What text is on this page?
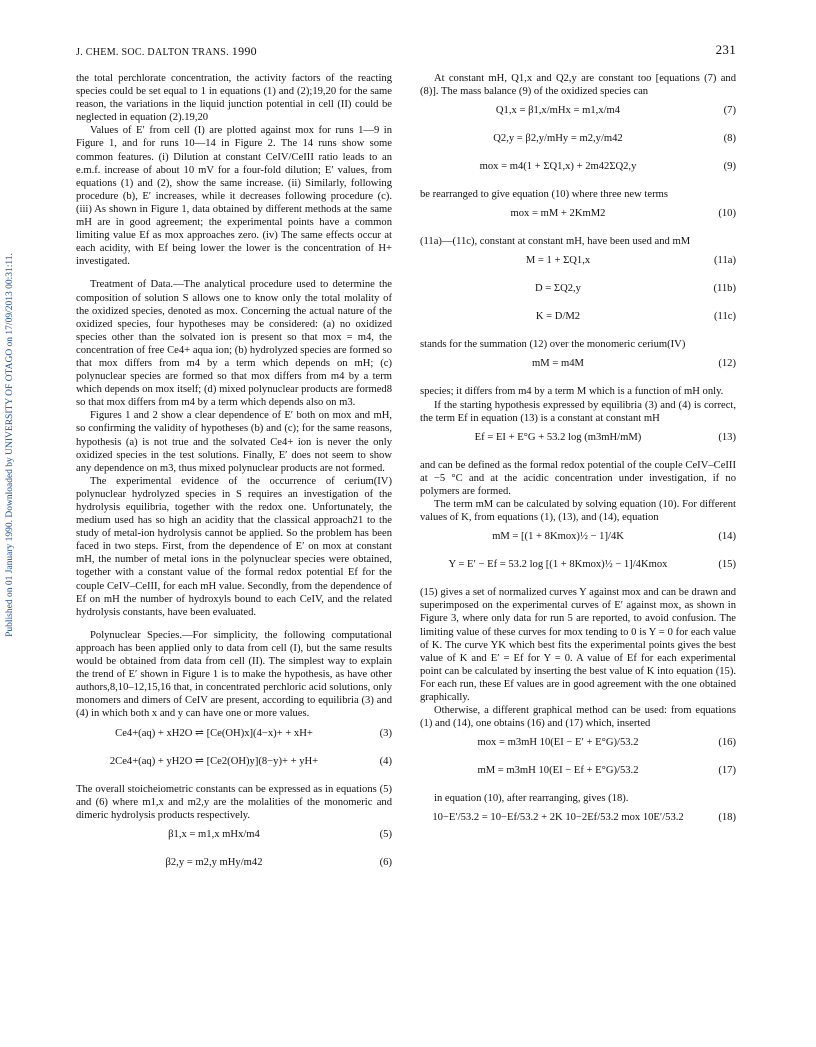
Published on 01 January 1990. Downloaded by UNIVERSITY OF OTAGO on 17/09/2013 00:31:11.
J. CHEM. SOC. DALTON TRANS. 1990	231

the total perchlorate concentration, the activity factors of the reacting species could be set equal to 1 in equations (1) and (2);19,20 for the same reason, the variations in the liquid junction potential in cell (II) could be neglected in equation (2).19,20

Values of E′ from cell (I) are plotted against mox for runs 1—9 in Figure 1, and for runs 10—14 in Figure 2. The 14 runs show some common features. (i) Dilution at constant CeIV/CeIII ratio leads to an e.m.f. increase of about 10 mV for a four-fold dilution; E′ values, from equations (1) and (2), show the same increase. (ii) Similarly, following procedure (b), E′ increases, while it decreases following procedure (c). (iii) As shown in Figure 1, data obtained by different methods at the same mH are in good agreement; the experimental points have a common limiting value Ef as mox approaches zero. (iv) The same effects occur at each acidity, with Ef being lower the lower is the concentration of H+ investigated.

Treatment of Data.—The analytical procedure used to determine the composition of solution S allows one to know only the total molality of the oxidized species, denoted as mox. Concerning the actual nature of the oxidized species, four hypotheses may be considered: (a) no oxidized species other than the solvated ion is present so that mox = m4, the concentration of free Ce4+ aqua ion; (b) hydrolyzed species are formed so that mox differs from m4 by a term which depends on mH; (c) polynuclear species are formed so that mox differs from m4 by a term which depends on mox itself; (d) mixed polynuclear products are formed8 so that mox differs from m4 by a term which depends also on m3.

Figures 1 and 2 show a clear dependence of E′ both on mox and mH, so confirming the validity of hypotheses (b) and (c); for the same reasons, hypothesis (a) is not true and the solvated Ce4+ ion is never the only oxidized species in the test solutions. Finally, E′ does not seem to show any dependence on m3, thus mixed polynuclear products are not formed.

The experimental evidence of the occurrence of cerium(IV) polynuclear hydrolyzed species in S requires an investigation of the hydrolysis equilibria, together with the redox one. Unfortunately, the medium used has so high an acidity that the classical approach21 to the study of metal-ion hydrolysis cannot be applied. So the problem has been faced in two steps. First, from the dependence of E′ on mox at constant mH, the number of metal ions in the polynuclear species were obtained, together with a constant value of the formal redox potential Ef for the couple CeIV–CeIII, for each mH value. Secondly, from the dependence of Ef on mH the number of hydroxyls bound to each CeIV, and the related hydrolysis constants, have been evaluated.

Polynuclear Species.—For simplicity, the following computational approach has been applied only to data from cell (I), but the same results would be obtained from data from cell (II). The simplest way to explain the trend of E′ shown in Figure 1 is to make the hypothesis, as have other authors,8,10–12,15,16 that, in concentrated perchloric acid solutions, only monomers and dimers of CeIV are present, according to equilibria (3) and (4) in which both x and y can have one or more values.

Ce4+(aq) + xH2O ⇌ [Ce(OH)x](4−x)+ + xH+	(3)
2Ce4+(aq) + yH2O ⇌ [Ce2(OH)y](8−y)+ + yH+	(4)

The overall stoicheiometric constants can be expressed as in equations (5) and (6) where m1,x and m2,y are the molalities of the monomeric and dimeric hydrolysis products respectively.

β1,x = m1,x mHx/m4	(5)
β2,y = m2,y mHy/m42	(6)

At constant mH, Q1,x and Q2,y are constant too [equations (7) and (8)]. The mass balance (9) of the oxidized species can

Q1,x = β1,x/mHx = m1,x/m4	(7)
Q2,y = β2,y/mHy = m2,y/m42	(8)
mox = m4(1 + ΣQ1,x) + 2m42ΣQ2,y	(9)

be rearranged to give equation (10) where three new terms

mox = mM + 2KmM2	(10)

(11a)—(11c), constant at constant mH, have been used and mM

M = 1 + ΣQ1,x	(11a)
D = ΣQ2,y	(11b)
K = D/M2	(11c)

stands for the summation (12) over the monomeric cerium(IV)

mM = m4M	(12)

species; it differs from m4 by a term M which is a function of mH only.

If the starting hypothesis expressed by equilibria (3) and (4) is correct, the term Ef in equation (13) is a constant at constant mH

Ef = EI + E°G + 53.2 log (m3mH/mM)	(13)

and can be defined as the formal redox potential of the couple CeIV–CeIII at −5 °C and at the acidic concentration under investigation, if no polymers are formed.

The term mM can be calculated by solving equation (10). For different values of K, from equations (1), (13), and (14), equation

mM = [(1 + 8Kmox)½ − 1]/4K	(14)
Y = E′ − Ef = 53.2 log [(1 + 8Kmox)½ − 1]/4Kmox	(15)

(15) gives a set of normalized curves Y against mox and can be drawn and superimposed on the experimental curves of E′ against mox, as shown in Figure 3, where only data for run 5 are reported, to avoid confusion. The limiting value of these curves for mox tending to 0 is Y = 0 for each value of K. The curve YK which best fits the experimental points gives the best value of K and E′ = Ef for Y = 0. A value of Ef for each experimental point can be calculated by inserting the best value of K into equation (15). For each run, these Ef values are in good agreement with the one obtained graphically.

Otherwise, a different graphical method can be used: from equations (1) and (14), one obtains (16) and (17) which, inserted

mox = m3mH 10(EI − E′ + E°G)/53.2	(16)
mM = m3mH 10(EI − Ef + E°G)/53.2	(17)

in equation (10), after rearranging, gives (18).

10−E′/53.2 = 10−Ef/53.2 + 2K 10−2Ef/53.2 mox 10E′/53.2	(18)
